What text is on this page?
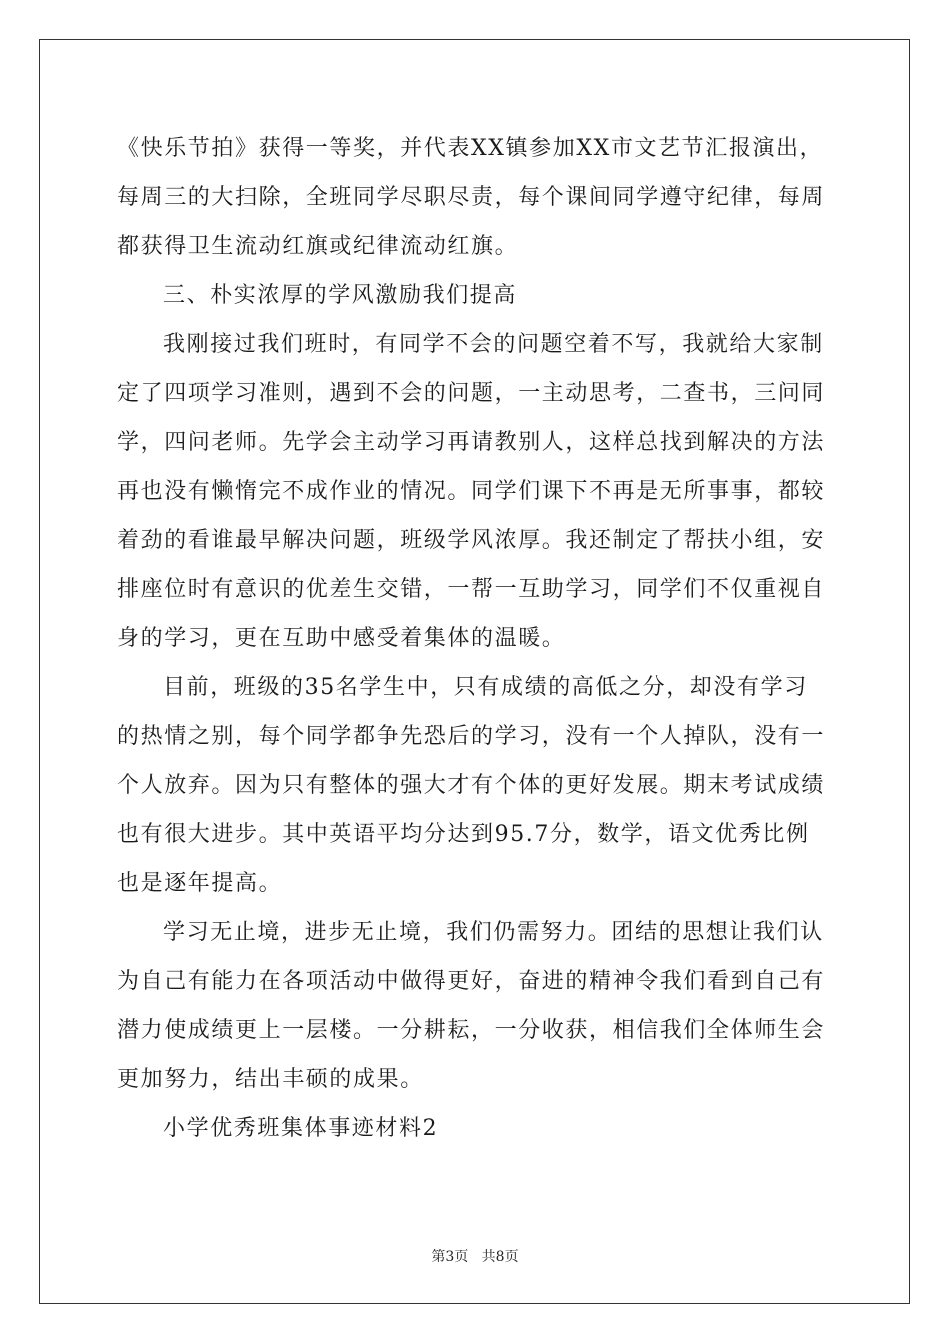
《快乐节拍》获得一等奖，并代表XX镇参加XX市文艺节汇报演出，
每周三的大扫除，全班同学尽职尽责，每个课间同学遵守纪律，每周
都获得卫生流动红旗或纪律流动红旗。
三、朴实浓厚的学风激励我们提高
我刚接过我们班时，有同学不会的问题空着不写，我就给大家制
定了四项学习准则，遇到不会的问题，一主动思考，二查书，三问同
学，四问老师。先学会主动学习再请教别人，这样总找到解决的方法
再也没有懒惰完不成作业的情况。同学们课下不再是无所事事，都较
着劲的看谁最早解决问题，班级学风浓厚。我还制定了帮扶小组，安
排座位时有意识的优差生交错，一帮一互助学习，同学们不仅重视自
身的学习，更在互助中感受着集体的温暖。
目前，班级的35名学生中，只有成绩的高低之分，却没有学习
的热情之别，每个同学都争先恐后的学习，没有一个人掉队，没有一
个人放弃。因为只有整体的强大才有个体的更好发展。期末考试成绩
也有很大进步。其中英语平均分达到95.7分，数学，语文优秀比例
也是逐年提高。
学习无止境，进步无止境，我们仍需努力。团结的思想让我们认
为自己有能力在各项活动中做得更好，奋进的精神令我们看到自己有
潜力使成绩更上一层楼。一分耕耘，一分收获，相信我们全体师生会
更加努力，结出丰硕的成果。
小学优秀班集体事迹材料2
第3页   共8页
